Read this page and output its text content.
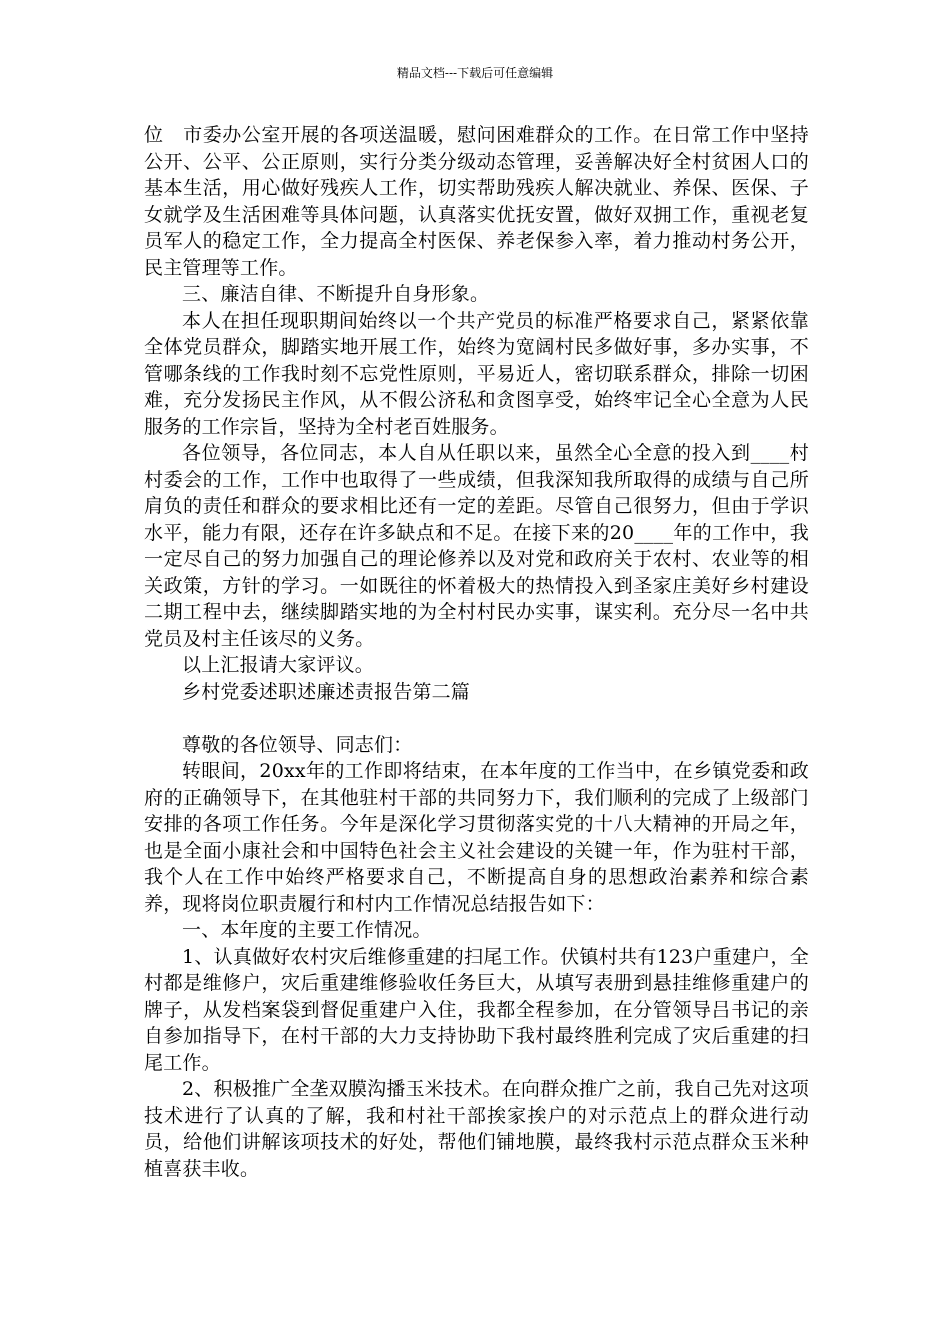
精品文档---下载后可任意编辑

位　市委办公室开展的各项送温暖，慰问困难群众的工作。在日常工作中坚持公开、公平、公正原则，实行分类分级动态管理，妥善解决好全村贫困人口的基本生活，用心做好残疾人工作，切实帮助残疾人解决就业、养保、医保、子女就学及生活困难等具体问题，认真落实优抚安置，做好双拥工作，重视老复员军人的稳定工作，全力提高全村医保、养老保参入率，着力推动村务公开，民主管理等工作。

三、廉洁自律、不断提升自身形象。

本人在担任现职期间始终以一个共产党员的标准严格要求自己，紧紧依靠全体党员群众，脚踏实地开展工作，始终为宽阔村民多做好事，多办实事，不管哪条线的工作我时刻不忘党性原则，平易近人，密切联系群众，排除一切困难，充分发扬民主作风，从不假公济私和贪图享受，始终牢记全心全意为人民服务的工作宗旨，坚持为全村老百姓服务。

各位领导，各位同志，本人自从任职以来，虽然全心全意的投入到____村村委会的工作，工作中也取得了一些成绩，但我深知我所取得的成绩与自己所肩负的责任和群众的要求相比还有一定的差距。尽管自己很努力，但由于学识水平，能力有限，还存在许多缺点和不足。在接下来的20____年的工作中，我一定尽自己的努力加强自己的理论修养以及对党和政府关于农村、农业等的相关政策，方针的学习。一如既往的怀着极大的热情投入到圣家庄美好乡村建设二期工程中去，继续脚踏实地的为全村村民办实事，谋实利。充分尽一名中共党员及村主任该尽的义务。

以上汇报请大家评议。

乡村党委述职述廉述责报告第二篇

尊敬的各位领导、同志们：

转眼间，20xx年的工作即将结束，在本年度的工作当中，在乡镇党委和政府的正确领导下，在其他驻村干部的共同努力下，我们顺利的完成了上级部门安排的各项工作任务。今年是深化学习贯彻落实党的十八大精神的开局之年，也是全面小康社会和中国特色社会主义社会建设的关键一年，作为驻村干部，我个人在工作中始终严格要求自己，不断提高自身的思想政治素养和综合素养，现将岗位职责履行和村内工作情况总结报告如下：

一、本年度的主要工作情况。

1、认真做好农村灾后维修重建的扫尾工作。伏镇村共有123户重建户，全村都是维修户，灾后重建维修验收任务巨大，从填写表册到悬挂维修重建户的牌子，从发档案袋到督促重建户入住，我都全程参加，在分管领导吕书记的亲自参加指导下，在村干部的大力支持协助下我村最终胜利完成了灾后重建的扫尾工作。

2、积极推广全垄双膜沟播玉米技术。在向群众推广之前，我自己先对这项技术进行了认真的了解，我和村社干部挨家挨户的对示范点上的群众进行动员，给他们讲解该项技术的好处，帮他们铺地膜，最终我村示范点群众玉米种植喜获丰收。
